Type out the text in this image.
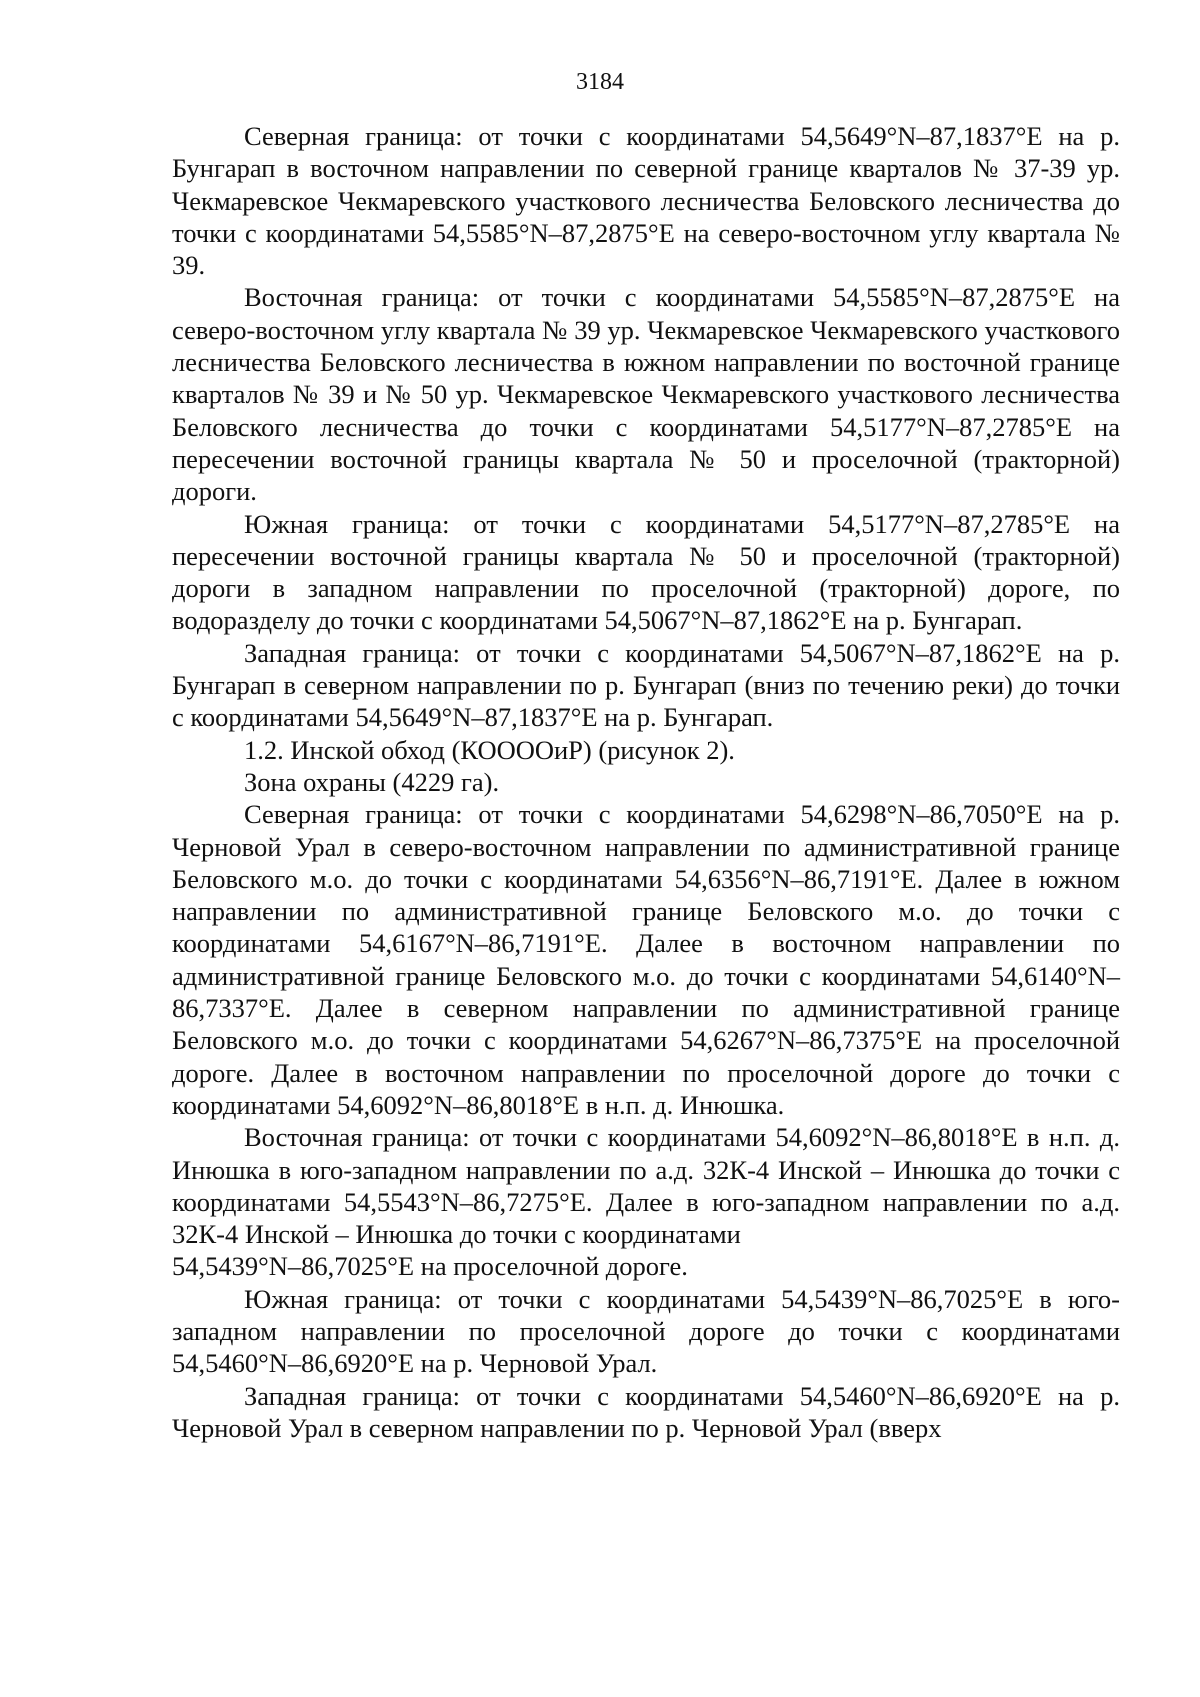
3184

Северная граница: от точки с координатами 54,5649°N–87,1837°E на р. Бунгарап в восточном направлении по северной границе кварталов № 37-39 ур. Чекмаревское Чекмаревского участкового лесничества Беловского лесничества до точки с координатами 54,5585°N–87,2875°E на северо-восточном углу квартала № 39.

Восточная граница: от точки с координатами 54,5585°N–87,2875°E на северо-восточном углу квартала № 39 ур. Чекмаревское Чекмаревского участкового лесничества Беловского лесничества в южном направлении по восточной границе кварталов № 39 и № 50 ур. Чекмаревское Чекмаревского участкового лесничества Беловского лесничества до точки с координатами 54,5177°N–87,2785°E на пересечении восточной границы квартала № 50 и проселочной (тракторной) дороги.

Южная граница: от точки с координатами 54,5177°N–87,2785°E на пересечении восточной границы квартала № 50 и проселочной (тракторной) дороги в западном направлении по проселочной (тракторной) дороге, по водоразделу до точки с координатами 54,5067°N–87,1862°E на р. Бунгарап.

Западная граница: от точки с координатами 54,5067°N–87,1862°E на р. Бунгарап в северном направлении по р. Бунгарап (вниз по течению реки) до точки с координатами 54,5649°N–87,1837°E на р. Бунгарап.

1.2. Инской обход (КООООиР) (рисунок 2).

Зона охраны (4229 га).

Северная граница: от точки с координатами 54,6298°N–86,7050°E на р. Черновой Урал в северо-восточном направлении по административной границе Беловского м.о. до точки с координатами 54,6356°N–86,7191°E. Далее в южном направлении по административной границе Беловского м.о. до точки с координатами 54,6167°N–86,7191°E. Далее в восточном направлении по административной границе Беловского м.о. до точки с координатами 54,6140°N–86,7337°E. Далее в северном направлении по административной границе Беловского м.о. до точки с координатами 54,6267°N–86,7375°E на проселочной дороге. Далее в восточном направлении по проселочной дороге до точки с координатами 54,6092°N–86,8018°E в н.п. д. Инюшка.

Восточная граница: от точки с координатами 54,6092°N–86,8018°E в н.п. д. Инюшка в юго-западном направлении по а.д. 32К-4 Инской – Инюшка до точки с координатами 54,5543°N–86,7275°E. Далее в юго-западном направлении по а.д. 32К-4 Инской – Инюшка до точки с координатами

54,5439°N–86,7025°E на проселочной дороге.

Южная граница: от точки с координатами 54,5439°N–86,7025°E в юго-западном направлении по проселочной дороге до точки с координатами 54,5460°N–86,6920°E на р. Черновой Урал.

Западная граница: от точки с координатами 54,5460°N–86,6920°E на р. Черновой Урал в северном направлении по р. Черновой Урал (вверх
